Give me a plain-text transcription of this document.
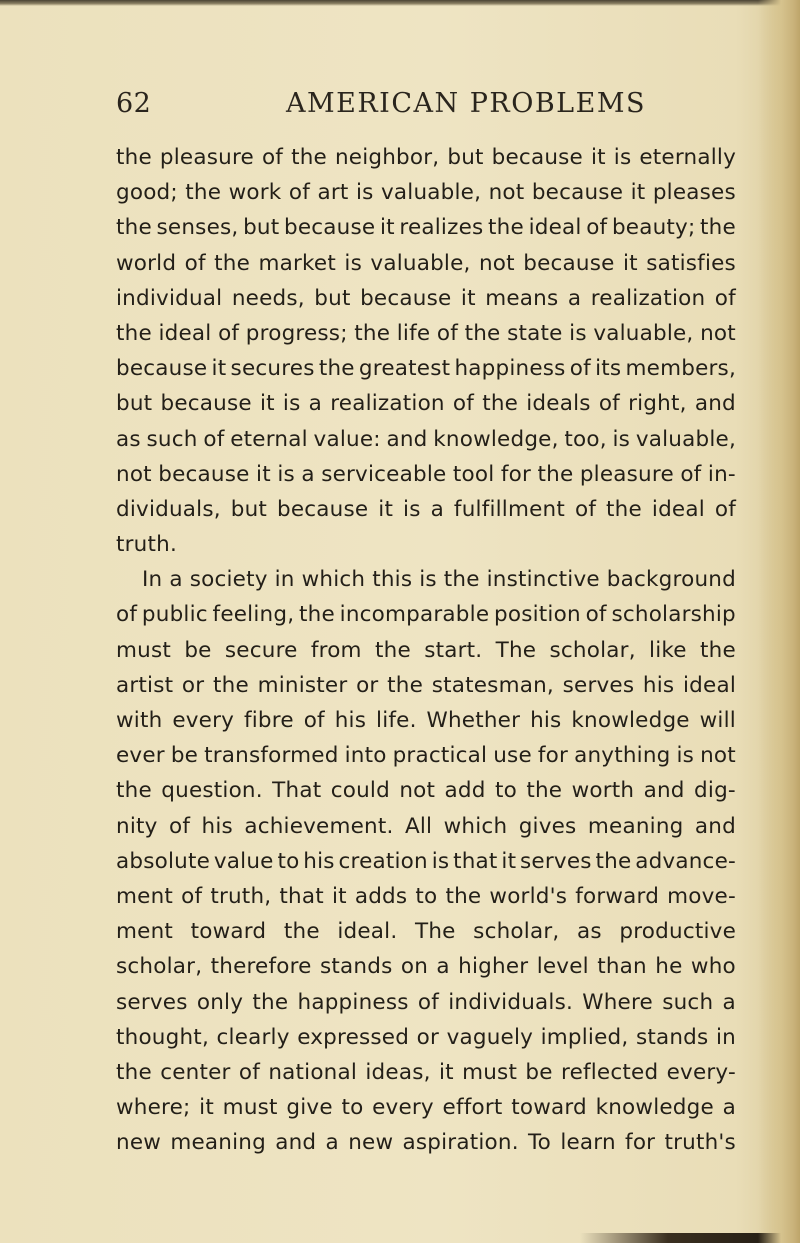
62	AMERICAN PROBLEMS
the pleasure of the neighbor, but because it is eternally
good; the work of art is valuable, not because it pleases
the senses, but because it realizes the ideal of beauty; the
world of the market is valuable, not because it satisfies
individual needs, but because it means a realization of
the ideal of progress; the life of the state is valuable, not
because it secures the greatest happiness of its members,
but because it is a realization of the ideals of right, and
as such of eternal value: and knowledge, too, is valuable,
not because it is a serviceable tool for the pleasure of in-
dividuals, but because it is a fulfillment of the ideal of
truth.
In a society in which this is the instinctive background
of public feeling, the incomparable position of scholarship
must be secure from the start. The scholar, like the
artist or the minister or the statesman, serves his ideal
with every fibre of his life. Whether his knowledge will
ever be transformed into practical use for anything is not
the question. That could not add to the worth and dig-
nity of his achievement. All which gives meaning and
absolute value to his creation is that it serves the advance-
ment of truth, that it adds to the world's forward move-
ment toward the ideal. The scholar, as productive
scholar, therefore stands on a higher level than he who
serves only the happiness of individuals. Where such a
thought, clearly expressed or vaguely implied, stands in
the center of national ideas, it must be reflected every-
where; it must give to every effort toward knowledge a
new meaning and a new aspiration. To learn for truth's
